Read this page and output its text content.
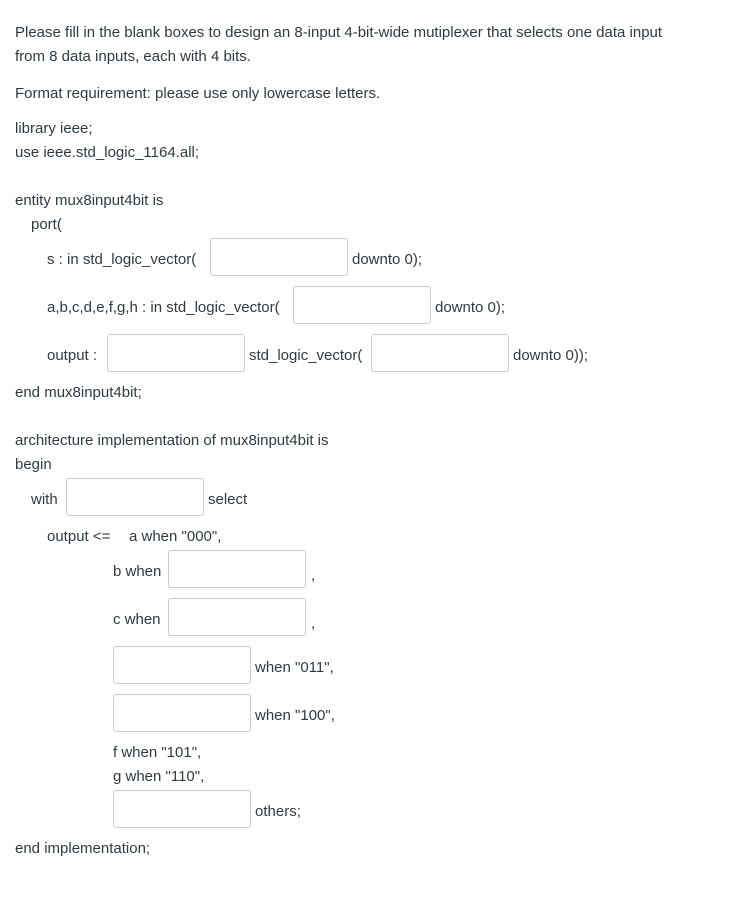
Please fill in the blank boxes to design an 8-input 4-bit-wide mutiplexer that selects one data input
from 8 data inputs, each with 4 bits.
Format requirement: please use only lowercase letters.
library ieee;
use ieee.std_logic_1164.all;
entity mux8input4bit is
port(
s : in std_logic_vector(	downto 0);
a,b,c,d,e,f,g,h : in std_logic_vector(	downto 0);
output :	std_logic_vector(	downto 0));
end mux8input4bit;
architecture implementation of mux8input4bit is
begin
with	select
output <= a when "000",
b when	,
c when	,
when "011",
when "100",
f when "101",
g when "110",
others;
end implementation;
